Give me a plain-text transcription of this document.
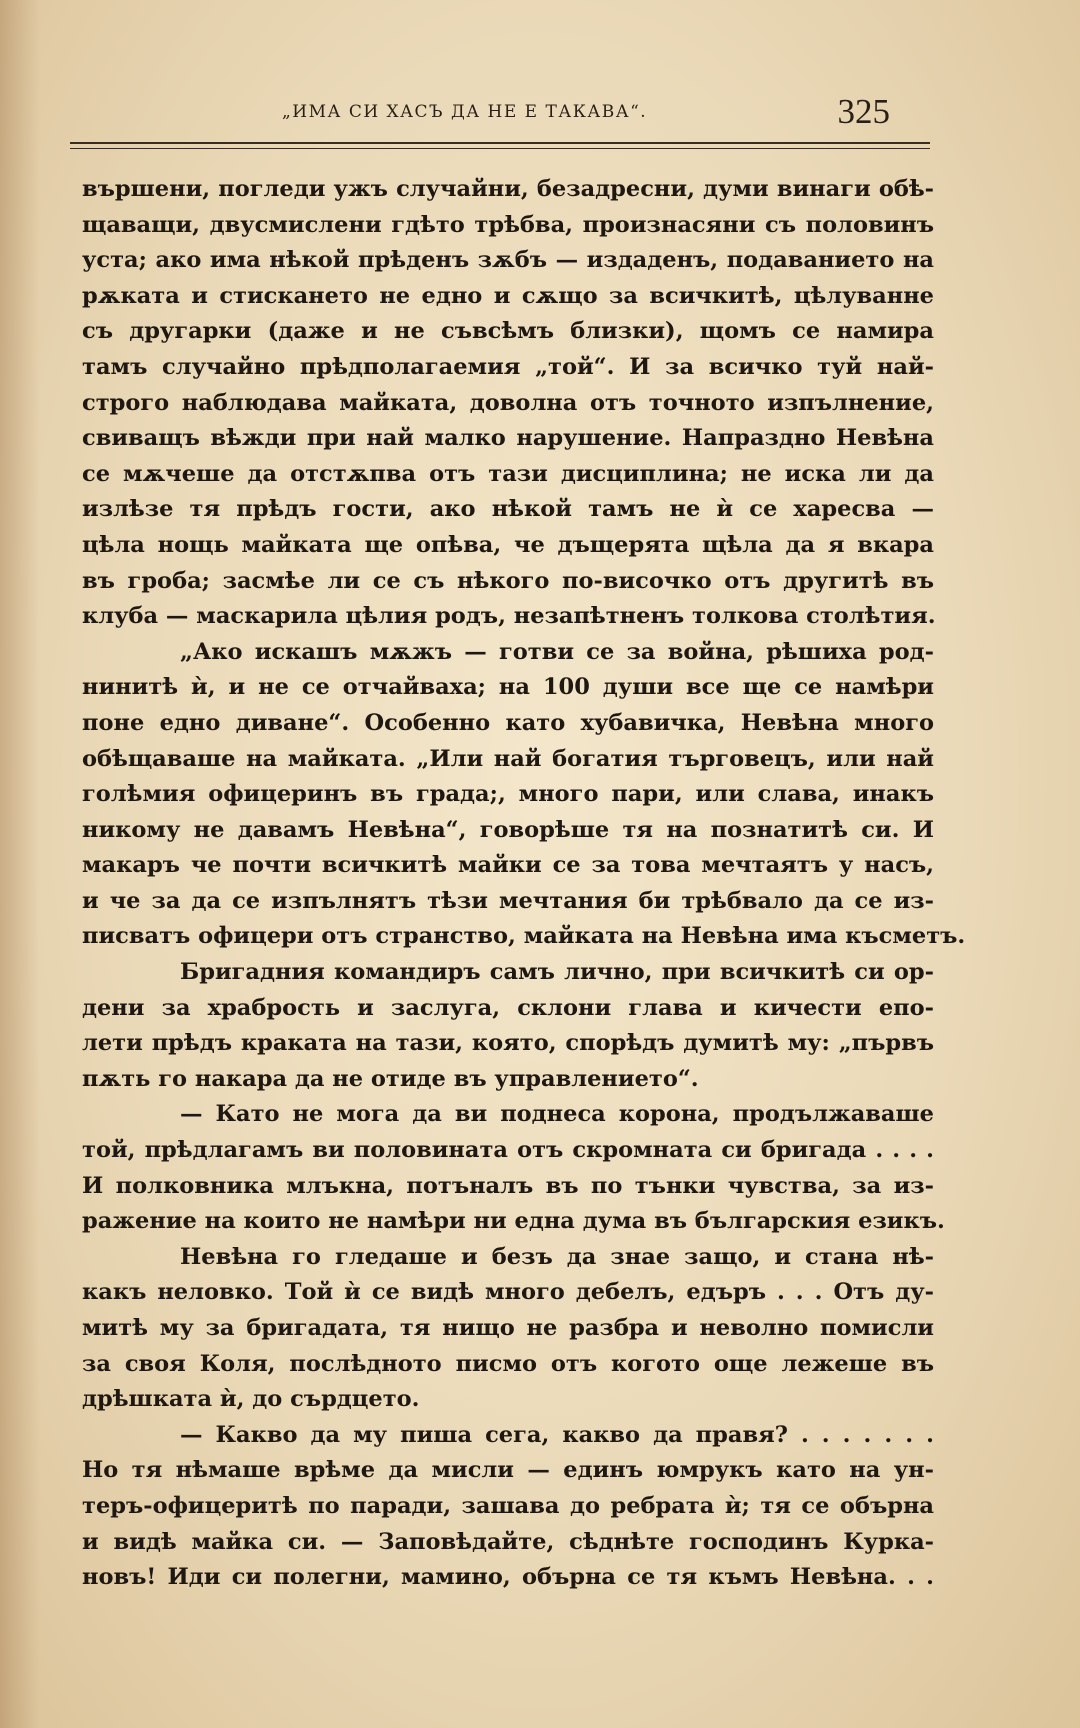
„ИМА СИ ХАСЪ ДА НЕ Е ТАКАВА“.	325
вършени, погледи ужъ случайни, безадресни, думи винаги обѣ-
щаващи, двусмислени гдѣто трѣбва, произнасяни съ половинъ
уста; ако има нѣкой прѣденъ зѫбъ — издаденъ, подаванието на
рѫката и стискането не едно и сѫщо за всичкитѣ, цѣлуванне
съ другарки (даже и не съвсѣмъ близки), щомъ се намира
тамъ случайно прѣдполагаемия „той“. И за всичко туй най-
строго наблюдава майката, доволна отъ точното изпълнение,
свиващъ вѣжди при най малко нарушение. Напраздно Невѣна
се мѫчеше да отстѫпва отъ тази дисциплина; не иска ли да
излѣзе тя прѣдъ гости, ако нѣкой тамъ не ѝ се харесва —
цѣла нощь майката ще опѣва, че дъщерята щѣла да я вкара
въ гроба; засмѣе ли се съ нѣкого по-височко отъ другитѣ въ
клуба — маскарила цѣлия родъ, незапѣтненъ толкова столѣтия.
„Ако искашъ мѫжъ — готви се за война, рѣшиха род-
нинитѣ ѝ, и не се отчайваха; на 100 души все ще се намѣри
поне едно диване“. Особенно като хубавичка, Невѣна много
обѣщаваше на майката. „Или най богатия търговецъ, или най
голѣмия офицеринъ въ града;, много пари, или слава, инакъ
никому не давамъ Невѣна“, говорѣше тя на познатитѣ си. И
макаръ че почти всичкитѣ майки се за това мечтаятъ у насъ,
и че за да се изпълнятъ тѣзи мечтания би трѣбвало да се из-
писватъ офицери отъ странство, майката на Невѣна има късметъ.
Бригадния командиръ самъ лично, при всичкитѣ си ор-
дени за храбрость и заслуга, склони глава и кичести епо-
лети прѣдъ краката на тази, която, спорѣдъ думитѣ му: „първъ
пѫть го накара да не отиде въ управлението“.
— Като не мога да ви поднеса корона, продължаваше
той, прѣдлагамъ ви половината отъ скромната си бригада . . . .
И полковника млъкна, потъналъ въ по тънки чувства, за из-
ражение на които не намѣри ни една дума въ българския езикъ.
Невѣна го гледаше и безъ да знае защо, и стана нѣ-
какъ неловко. Той ѝ се видѣ много дебелъ, едъръ . . . Отъ ду-
митѣ му за бригадата, тя нищо не разбра и неволно помисли
за своя Коля, послѣдното писмо отъ когото още лежеше въ
дрѣшката ѝ, до сърдцето.
— Какво да му пиша сега, какво да правя? . . . . . . .
Но тя нѣмаше врѣме да мисли — единъ юмрукъ като на ун-
теръ-офицеритѣ по паради, зашава до ребрата ѝ; тя се обърна
и видѣ майка си. — Заповѣдайте, сѣднѣте господинъ Курка-
новъ! Иди си полегни, мамино, обърна се тя къмъ Невѣна. . .
